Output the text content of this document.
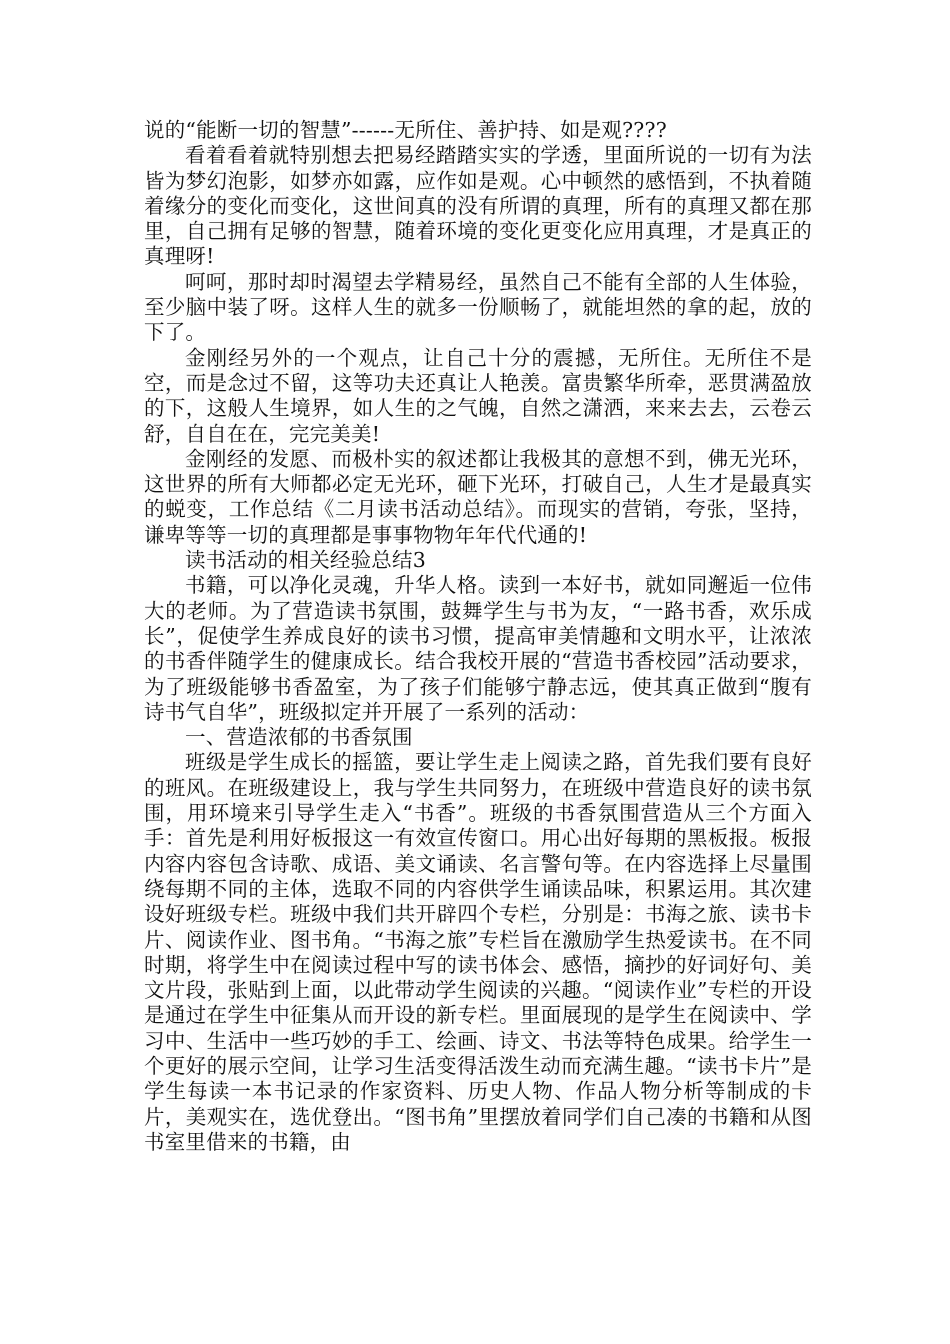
说的“能断一切的智慧”------无所住、善护持、如是观????

看着看着就特别想去把易经踏踏实实的学透，里面所说的一切有为法皆为梦幻泡影，如梦亦如露，应作如是观。心中顿然的感悟到，不执着随着缘分的变化而变化，这世间真的没有所谓的真理，所有的真理又都在那里，自己拥有足够的智慧，随着环境的变化更变化应用真理，才是真正的真理呀!

呵呵，那时却时渴望去学精易经，虽然自己不能有全部的人生体验，至少脑中装了呀。这样人生的就多一份顺畅了，就能坦然的拿的起，放的下了。

金刚经另外的一个观点，让自己十分的震撼，无所住。无所住不是空，而是念过不留，这等功夫还真让人艳羡。富贵繁华所牵，恶贯满盈放的下，这般人生境界，如人生的之气魄，自然之潇洒，来来去去，云卷云舒，自自在在，完完美美!

金刚经的发愿、而极朴实的叙述都让我极其的意想不到，佛无光环，这世界的所有大师都必定无光环，砸下光环，打破自己，人生才是最真实的蜕变，工作总结《二月读书活动总结》。而现实的营销，夸张，坚持，谦卑等等一切的真理都是事事物物年年代代通的!

读书活动的相关经验总结3

书籍，可以净化灵魂，升华人格。读到一本好书，就如同邂逅一位伟大的老师。为了营造读书氛围，鼓舞学生与书为友，“一路书香，欢乐成长”，促使学生养成良好的读书习惯，提高审美情趣和文明水平，让浓浓的书香伴随学生的健康成长。结合我校开展的“营造书香校园”活动要求，为了班级能够书香盈室，为了孩子们能够宁静志远，使其真正做到“腹有诗书气自华”，班级拟定并开展了一系列的活动：

一、营造浓郁的书香氛围

班级是学生成长的摇篮，要让学生走上阅读之路，首先我们要有良好的班风。在班级建设上，我与学生共同努力，在班级中营造良好的读书氛围，用环境来引导学生走入“书香”。班级的书香氛围营造从三个方面入手：首先是利用好板报这一有效宣传窗口。用心出好每期的黑板报。板报内容内容包含诗歌、成语、美文诵读、名言警句等。在内容选择上尽量围绕每期不同的主体，选取不同的内容供学生诵读品味，积累运用。其次建设好班级专栏。班级中我们共开辟四个专栏，分别是：书海之旅、读书卡片、阅读作业、图书角。“书海之旅”专栏旨在激励学生热爱读书。在不同时期，将学生中在阅读过程中写的读书体会、感悟，摘抄的好词好句、美文片段，张贴到上面，以此带动学生阅读的兴趣。“阅读作业”专栏的开设是通过在学生中征集从而开设的新专栏。里面展现的是学生在阅读中、学习中、生活中一些巧妙的手工、绘画、诗文、书法等特色成果。给学生一个更好的展示空间，让学习生活变得活泼生动而充满生趣。“读书卡片”是学生每读一本书记录的作家资料、历史人物、作品人物分析等制成的卡片，美观实在，选优登出。“图书角”里摆放着同学们自己凑的书籍和从图书室里借来的书籍，由
